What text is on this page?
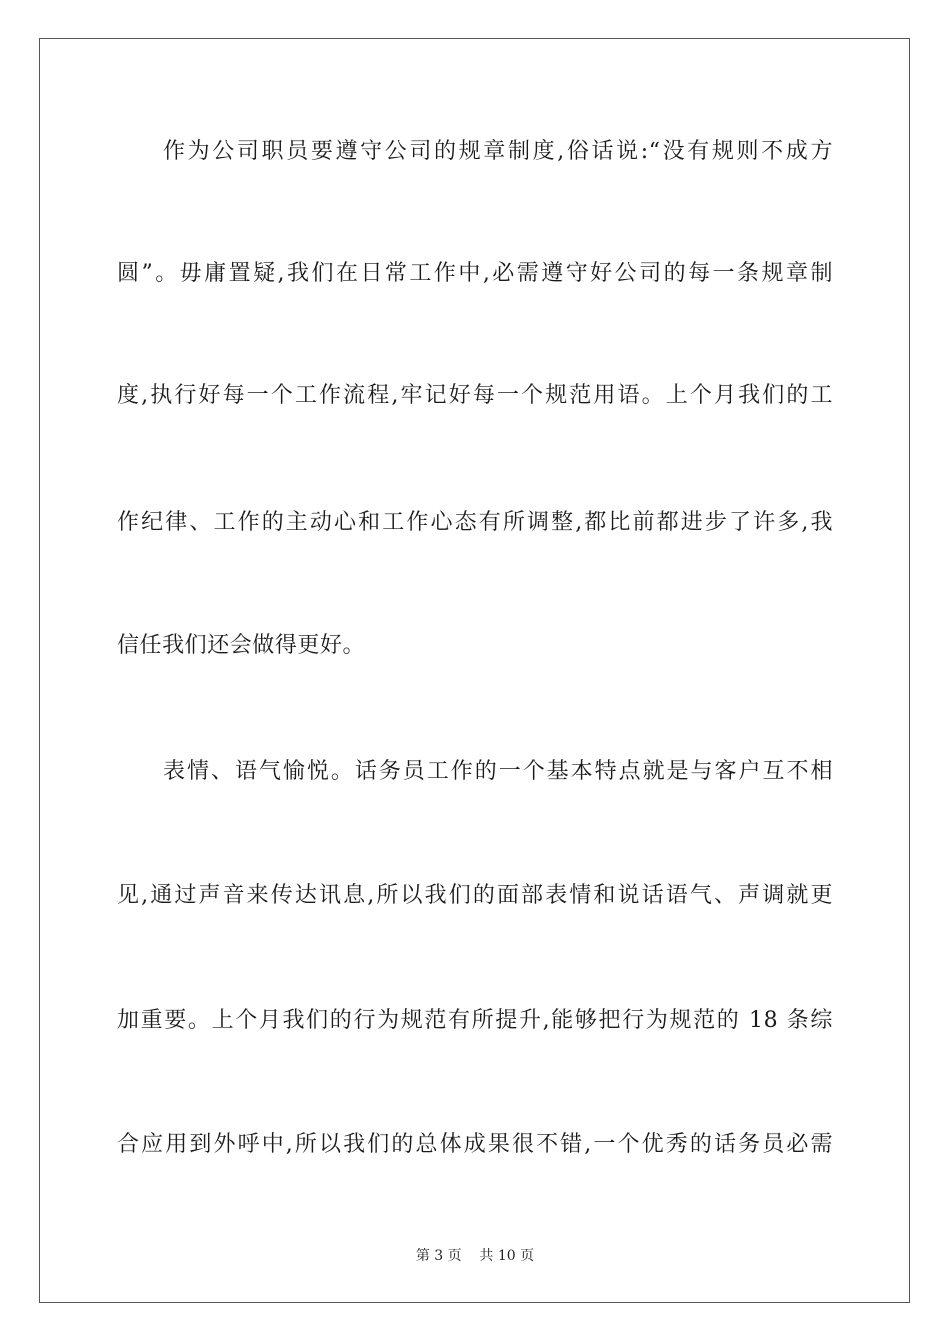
作为公司职员要遵守公司的规章制度,俗话说:“没有规则不成方
圆”。毋庸置疑,我们在日常工作中,必需遵守好公司的每一条规章制
度,执行好每一个工作流程,牢记好每一个规范用语。上个月我们的工
作纪律、工作的主动心和工作心态有所调整,都比前都进步了许多,我
信任我们还会做得更好。
表情、语气愉悦。话务员工作的一个基本特点就是与客户互不相
见,通过声音来传达讯息,所以我们的面部表情和说话语气、声调就更
加重要。上个月我们的行为规范有所提升,能够把行为规范的 18 条综
合应用到外呼中,所以我们的总体成果很不错,一个优秀的话务员必需
第 3 页    共 10 页
